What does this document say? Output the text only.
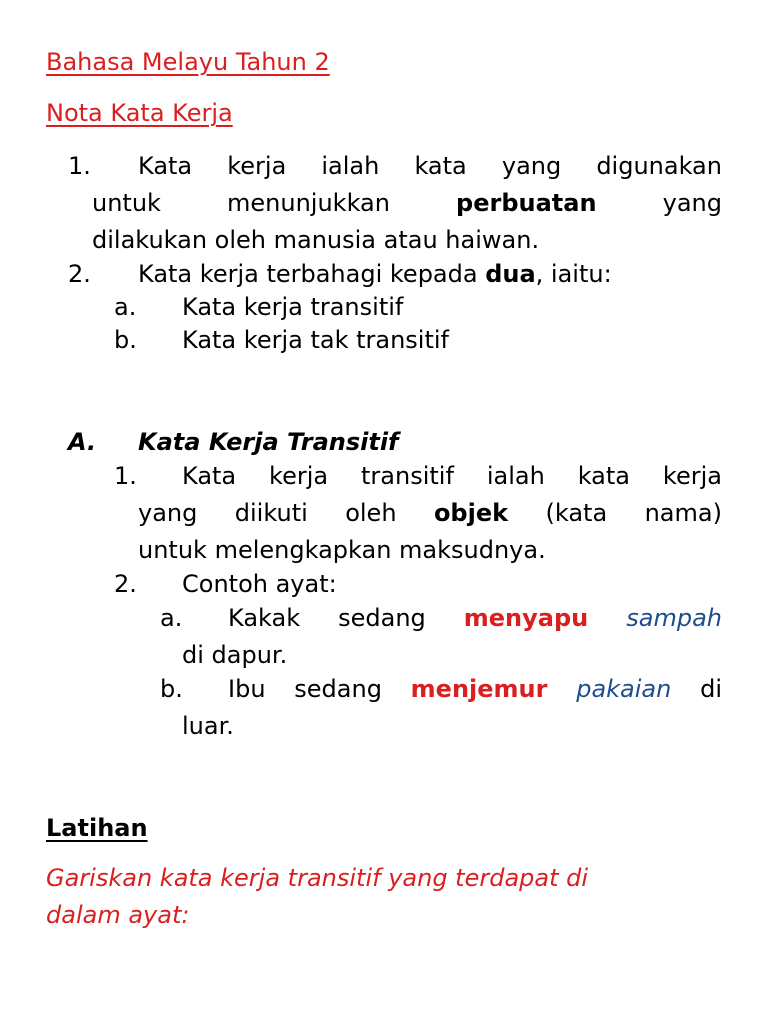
Bahasa Melayu Tahun 2
Nota Kata Kerja
1. Kata kerja ialah kata yang digunakan
untuk	menunjukkan	perbuatan	yang
dilakukan oleh manusia atau haiwan.
2. Kata kerja terbahagi kepada dua, iaitu:
a. Kata kerja transitif
b. Kata kerja tak transitif
A. Kata Kerja Transitif
1. Kata kerja transitif ialah kata kerja
yang diikuti oleh objek (kata nama)
untuk melengkapkan maksudnya.
2. Contoh ayat:
a. Kakak sedang menyapu sampah
di dapur.
b. Ibu sedang menjemur pakaian di
luar.
Latihan
Gariskan kata kerja transitif yang terdapat di
dalam ayat:
